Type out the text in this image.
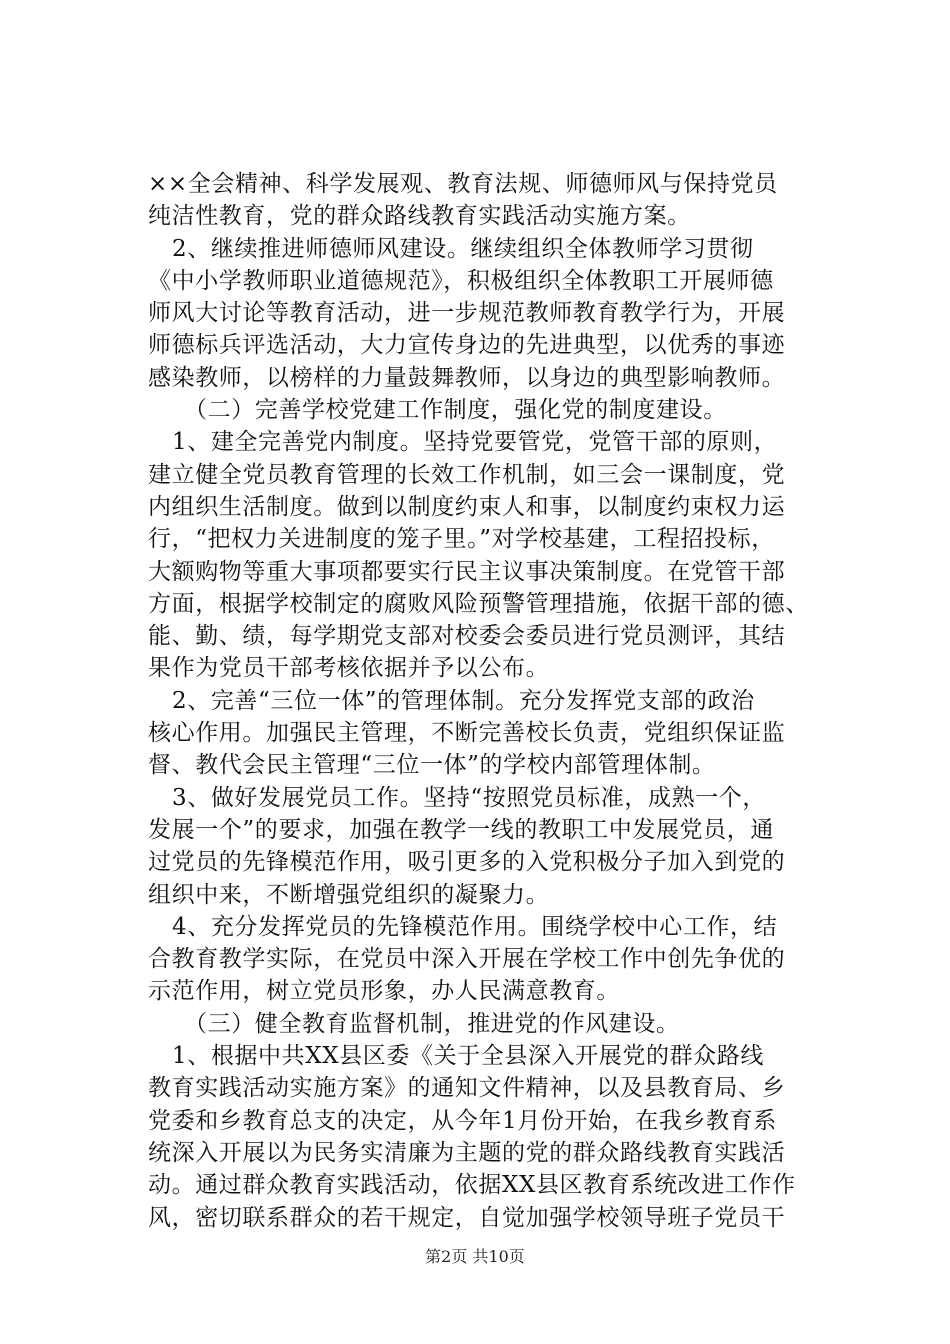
××全会精神、科学发展观、教育法规、师德师风与保持党员
纯洁性教育，党的群众路线教育实践活动实施方案。
2、继续推进师德师风建设。继续组织全体教师学习贯彻
《中小学教师职业道德规范》，积极组织全体教职工开展师德
师风大讨论等教育活动，进一步规范教师教育教学行为，开展
师德标兵评选活动，大力宣传身边的先进典型，以优秀的事迹
感染教师，以榜样的力量鼓舞教师，以身边的典型影响教师。
（二）完善学校党建工作制度，强化党的制度建设。
1、建全完善党内制度。坚持党要管党，党管干部的原则，
建立健全党员教育管理的长效工作机制，如三会一课制度，党
内组织生活制度。做到以制度约束人和事，以制度约束权力运
行，“把权力关进制度的笼子里。”对学校基建，工程招投标，
大额购物等重大事项都要实行民主议事决策制度。在党管干部
方面，根据学校制定的腐败风险预警管理措施，依据干部的德、
能、勤、绩，每学期党支部对校委会委员进行党员测评，其结
果作为党员干部考核依据并予以公布。
2、完善“三位一体”的管理体制。充分发挥党支部的政治
核心作用。加强民主管理，不断完善校长负责，党组织保证监
督、教代会民主管理“三位一体”的学校内部管理体制。
3、做好发展党员工作。坚持“按照党员标准，成熟一个，
发展一个”的要求，加强在教学一线的教职工中发展党员，通
过党员的先锋模范作用，吸引更多的入党积极分子加入到党的
组织中来，不断增强党组织的凝聚力。
4、充分发挥党员的先锋模范作用。围绕学校中心工作，结
合教育教学实际，在党员中深入开展在学校工作中创先争优的
示范作用，树立党员形象，办人民满意教育。
（三）健全教育监督机制，推进党的作风建设。
1、根据中共XX县区委《关于全县深入开展党的群众路线
教育实践活动实施方案》的通知文件精神，以及县教育局、乡
党委和乡教育总支的决定，从今年1月份开始，在我乡教育系
统深入开展以为民务实清廉为主题的党的群众路线教育实践活
动。通过群众教育实践活动，依据XX县区教育系统改进工作作
风，密切联系群众的若干规定，自觉加强学校领导班子党员干
第2页 共10页
